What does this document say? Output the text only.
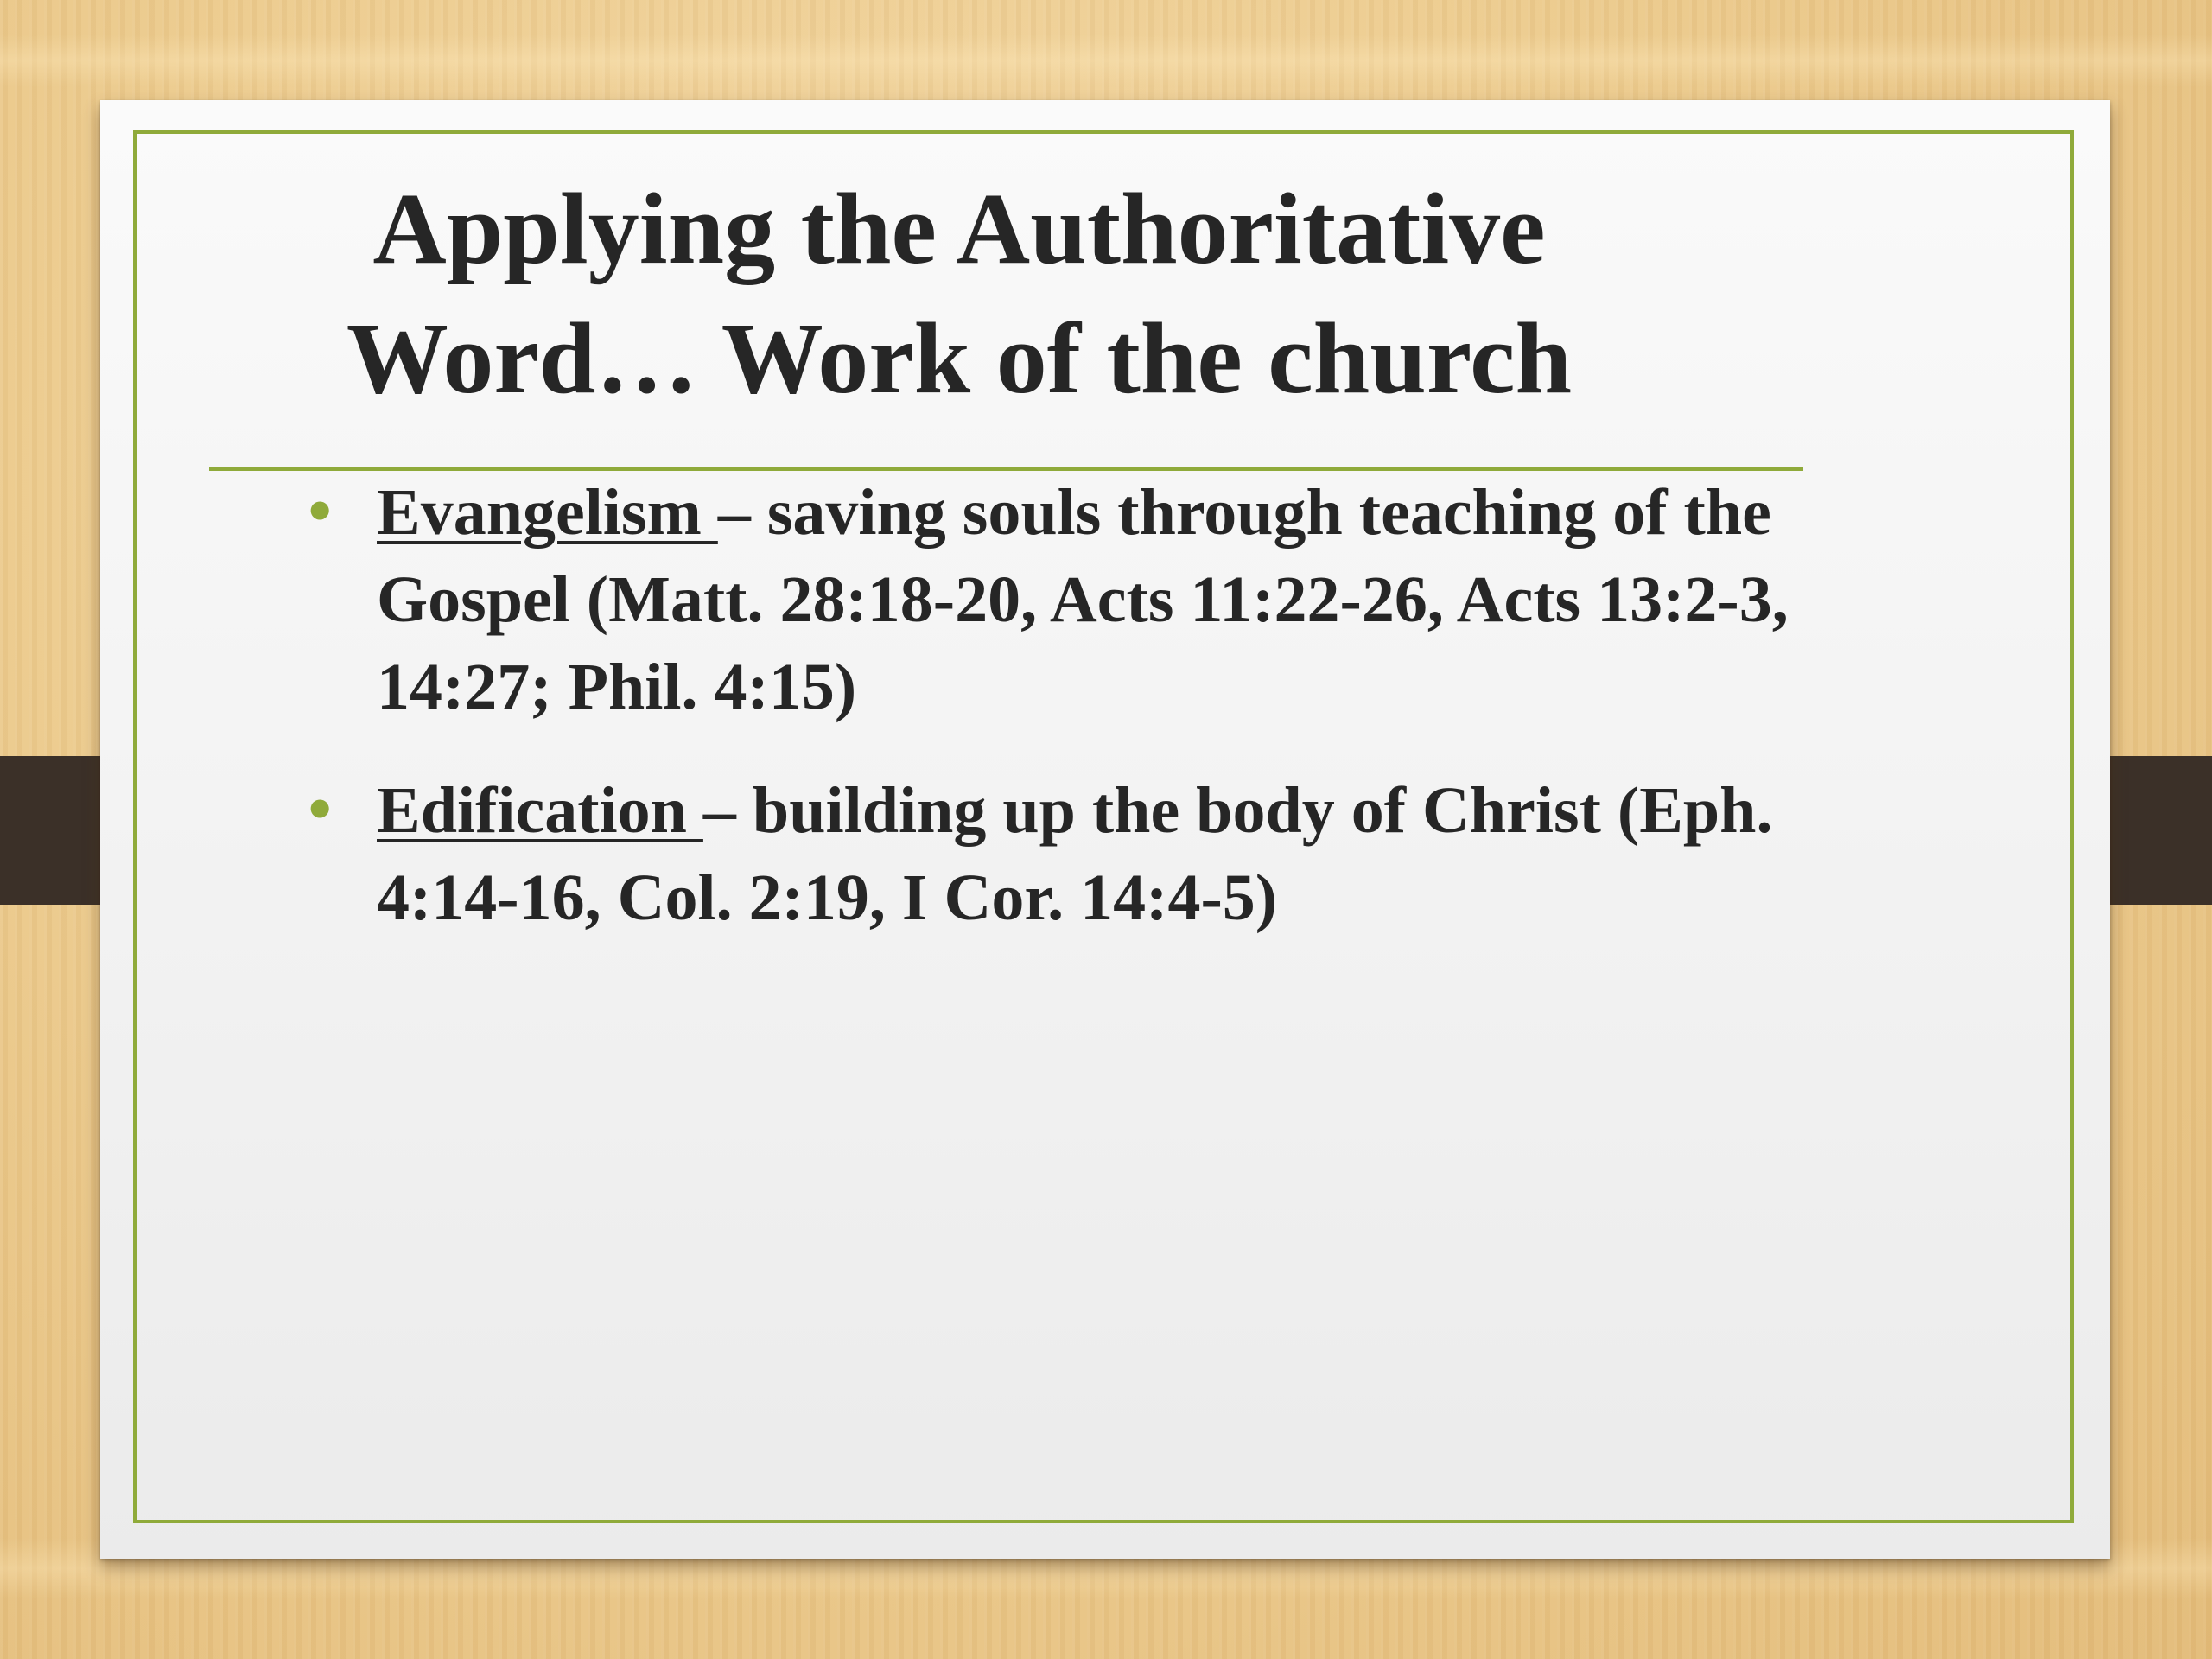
Applying the Authoritative
Word… Work of the church
• Evangelism – saving souls through teaching of the Gospel (Matt. 28:18-20, Acts 11:22-26, Acts 13:2-3, 14:27; Phil. 4:15)
• Edification – building up the body of Christ (Eph. 4:14-16, Col. 2:19, I Cor. 14:4-5)
